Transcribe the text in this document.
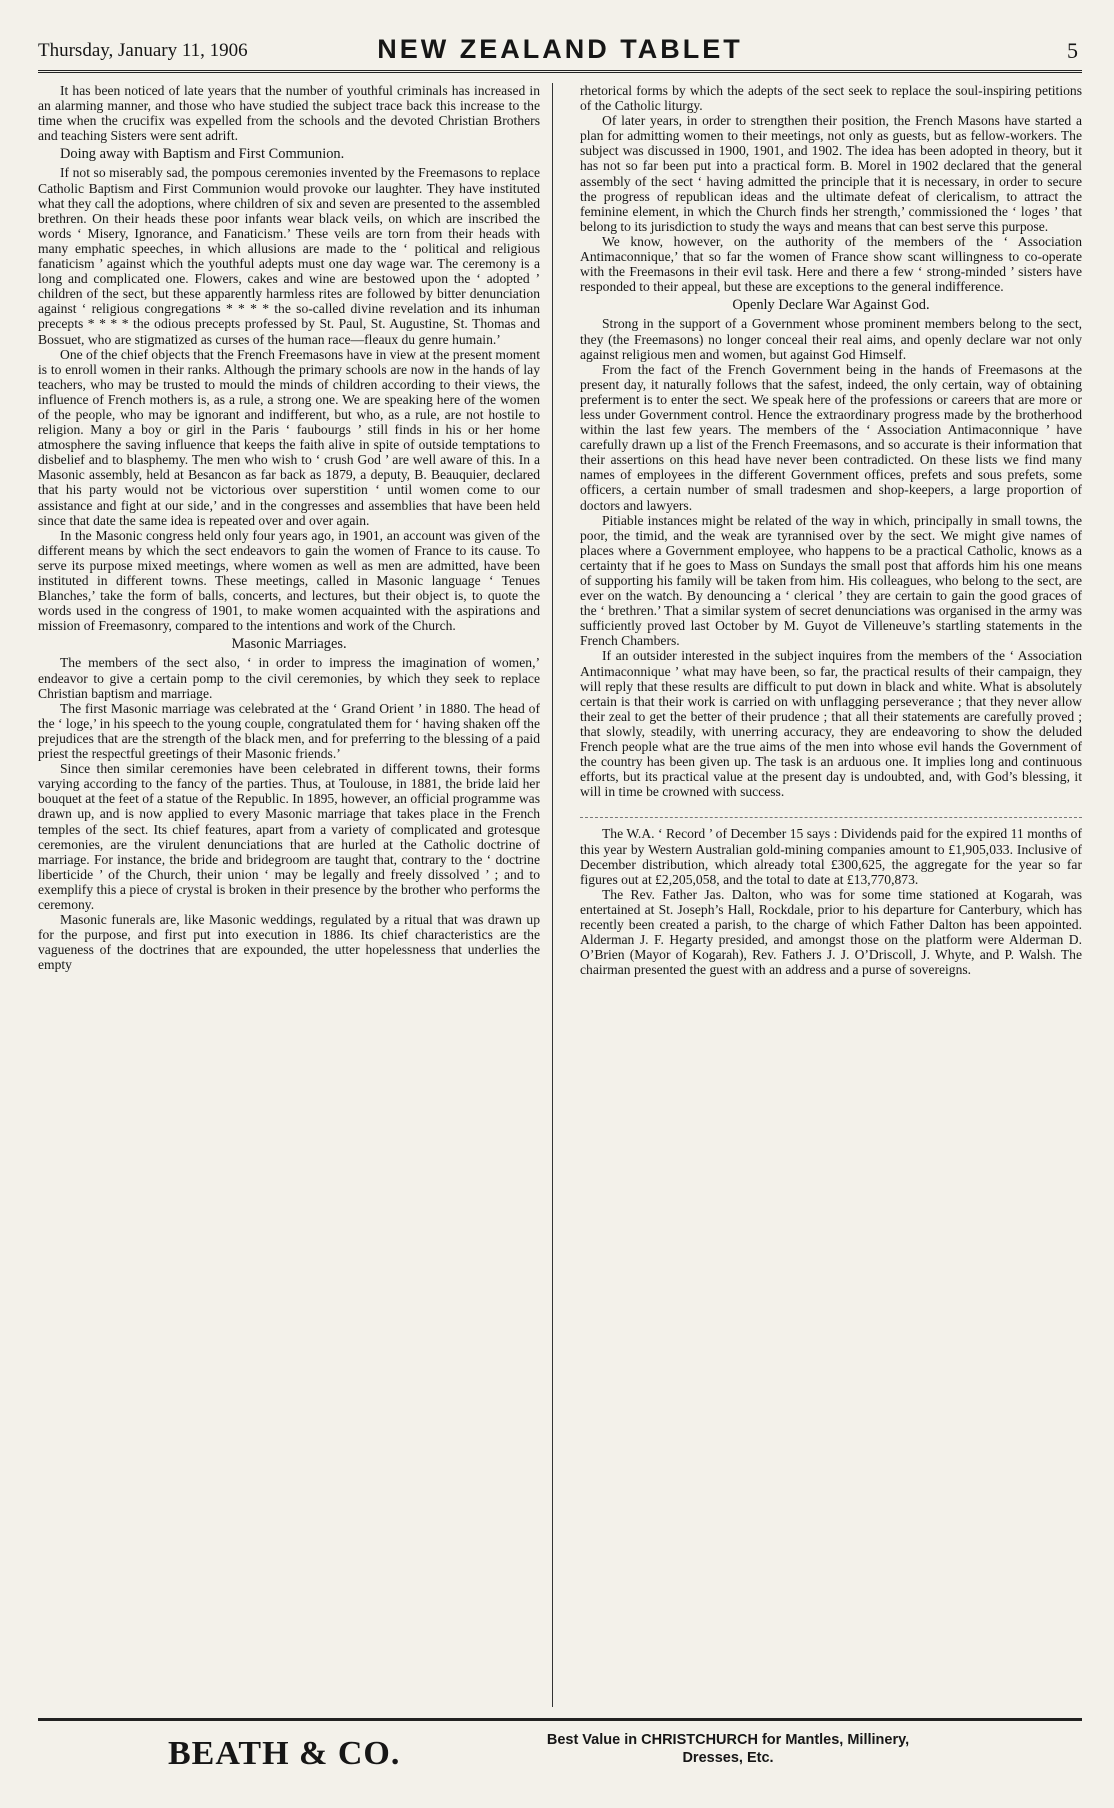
Thursday, January 11, 1906	NEW ZEALAND TABLET	5

It has been noticed of late years that the number of youthful criminals has increased in an alarming manner, and those who have studied the subject trace back this increase to the time when the crucifix was expelled from the schools and the devoted Christian Brothers and teaching Sisters were sent adrift.

Doing away with Baptism and First Communion.

If not so miserably sad, the pompous ceremonies invented by the Freemasons to replace Catholic Baptism and First Communion would provoke our laughter. They have instituted what they call the adoptions, where children of six and seven are presented to the assembled brethren. On their heads these poor infants wear black veils, on which are inscribed the words ‘ Misery, Ignorance, and Fanaticism.’ These veils are torn from their heads with many emphatic speeches, in which allusions are made to the ‘ political and religious fanaticism ’ against which the youthful adepts must one day wage war. The ceremony is a long and complicated one. Flowers, cakes and wine are bestowed upon the ‘ adopted ’ children of the sect, but these apparently harmless rites are followed by bitter denunciation against ‘ religious congregations * * * * the so-called divine revelation and its inhuman precepts * * * * the odious precepts professed by St. Paul, St. Augustine, St. Thomas and Bossuet, who are stigmatized as curses of the human race—fleaux du genre humain.’

One of the chief objects that the French Freemasons have in view at the present moment is to enroll women in their ranks. Although the primary schools are now in the hands of lay teachers, who may be trusted to mould the minds of children according to their views, the influence of French mothers is, as a rule, a strong one. We are speaking here of the women of the people, who may be ignorant and indifferent, but who, as a rule, are not hostile to religion. Many a boy or girl in the Paris ‘ faubourgs ’ still finds in his or her home atmosphere the saving influence that keeps the faith alive in spite of outside temptations to disbelief and to blasphemy. The men who wish to ‘ crush God ’ are well aware of this. In a Masonic assembly, held at Besancon as far back as 1879, a deputy, B. Beauquier, declared that his party would not be victorious over superstition ‘ until women come to our assistance and fight at our side,’ and in the congresses and assemblies that have been held since that date the same idea is repeated over and over again.

In the Masonic congress held only four years ago, in 1901, an account was given of the different means by which the sect endeavors to gain the women of France to its cause. To serve its purpose mixed meetings, where women as well as men are admitted, have been instituted in different towns. These meetings, called in Masonic language ‘ Tenues Blanches,’ take the form of balls, concerts, and lectures, but their object is, to quote the words used in the congress of 1901, to make women acquainted with the aspirations and mission of Freemasonry, compared to the intentions and work of the Church.

Masonic Marriages.

The members of the sect also, ‘ in order to impress the imagination of women,’ endeavor to give a certain pomp to the civil ceremonies, by which they seek to replace Christian baptism and marriage.

The first Masonic marriage was celebrated at the ‘ Grand Orient ’ in 1880. The head of the ‘ loge,’ in his speech to the young couple, congratulated them for ‘ having shaken off the prejudices that are the strength of the black men, and for preferring to the blessing of a paid priest the respectful greetings of their Masonic friends.’

Since then similar ceremonies have been celebrated in different towns, their forms varying according to the fancy of the parties. Thus, at Toulouse, in 1881, the bride laid her bouquet at the feet of a statue of the Republic. In 1895, however, an official programme was drawn up, and is now applied to every Masonic marriage that takes place in the French temples of the sect. Its chief features, apart from a variety of complicated and grotesque ceremonies, are the virulent denunciations that are hurled at the Catholic doctrine of marriage. For instance, the bride and bridegroom are taught that, contrary to the ‘ doctrine liberticide ’ of the Church, their union ‘ may be legally and freely dissolved ’ ; and to exemplify this a piece of crystal is broken in their presence by the brother who performs the ceremony.

Masonic funerals are, like Masonic weddings, regulated by a ritual that was drawn up for the purpose, and first put into execution in 1886. Its chief characteristics are the vagueness of the doctrines that are expounded, the utter hopelessness that underlies the empty

rhetorical forms by which the adepts of the sect seek to replace the soul-inspiring petitions of the Catholic liturgy.

Of later years, in order to strengthen their position, the French Masons have started a plan for admitting women to their meetings, not only as guests, but as fellow-workers. The subject was discussed in 1900, 1901, and 1902. The idea has been adopted in theory, but it has not so far been put into a practical form. B. Morel in 1902 declared that the general assembly of the sect ‘ having admitted the principle that it is necessary, in order to secure the progress of republican ideas and the ultimate defeat of clericalism, to attract the feminine element, in which the Church finds her strength,’ commissioned the ‘ loges ’ that belong to its jurisdiction to study the ways and means that can best serve this purpose.

We know, however, on the authority of the members of the ‘ Association Antimaconnique,’ that so far the women of France show scant willingness to co-operate with the Freemasons in their evil task. Here and there a few ‘ strong-minded ’ sisters have responded to their appeal, but these are exceptions to the general indifference.

Openly Declare War Against God.

Strong in the support of a Government whose prominent members belong to the sect, they (the Freemasons) no longer conceal their real aims, and openly declare war not only against religious men and women, but against God Himself.

From the fact of the French Government being in the hands of Freemasons at the present day, it naturally follows that the safest, indeed, the only certain, way of obtaining preferment is to enter the sect. We speak here of the professions or careers that are more or less under Government control. Hence the extraordinary progress made by the brotherhood within the last few years. The members of the ‘ Association Antimaconnique ’ have carefully drawn up a list of the French Freemasons, and so accurate is their information that their assertions on this head have never been contradicted. On these lists we find many names of employees in the different Government offices, prefets and sous prefets, some officers, a certain number of small tradesmen and shop-keepers, a large proportion of doctors and lawyers.

Pitiable instances might be related of the way in which, principally in small towns, the poor, the timid, and the weak are tyrannised over by the sect. We might give names of places where a Government employee, who happens to be a practical Catholic, knows as a certainty that if he goes to Mass on Sundays the small post that affords him his one means of supporting his family will be taken from him. His colleagues, who belong to the sect, are ever on the watch. By denouncing a ‘ clerical ’ they are certain to gain the good graces of the ‘ brethren.’ That a similar system of secret denunciations was organised in the army was sufficiently proved last October by M. Guyot de Villeneuve’s startling statements in the French Chambers.

If an outsider interested in the subject inquires from the members of the ‘ Association Antimaconnique ’ what may have been, so far, the practical results of their campaign, they will reply that these results are difficult to put down in black and white. What is absolutely certain is that their work is carried on with unflagging perseverance ; that they never allow their zeal to get the better of their prudence ; that all their statements are carefully proved ; that slowly, steadily, with unerring accuracy, they are endeavoring to show the deluded French people what are the true aims of the men into whose evil hands the Government of the country has been given up. The task is an arduous one. It implies long and continuous efforts, but its practical value at the present day is undoubted, and, with God’s blessing, it will in time be crowned with success.

The W.A. ‘ Record ’ of December 15 says : Dividends paid for the expired 11 months of this year by Western Australian gold-mining companies amount to £1,905,033. Inclusive of December distribution, which already total £300,625, the aggregate for the year so far figures out at £2,205,058, and the total to date at £13,770,873.

The Rev. Father Jas. Dalton, who was for some time stationed at Kogarah, was entertained at St. Joseph’s Hall, Rockdale, prior to his departure for Canterbury, which has recently been created a parish, to the charge of which Father Dalton has been appointed. Alderman J. F. Hegarty presided, and amongst those on the platform were Alderman D. O’Brien (Mayor of Kogarah), Rev. Fathers J. J. O’Driscoll, J. Whyte, and P. Walsh. The chairman presented the guest with an address and a purse of sovereigns.

BEATH & CO.	Best Value in CHRISTCHURCH for Mantles, Millinery,
Dresses, Etc.
